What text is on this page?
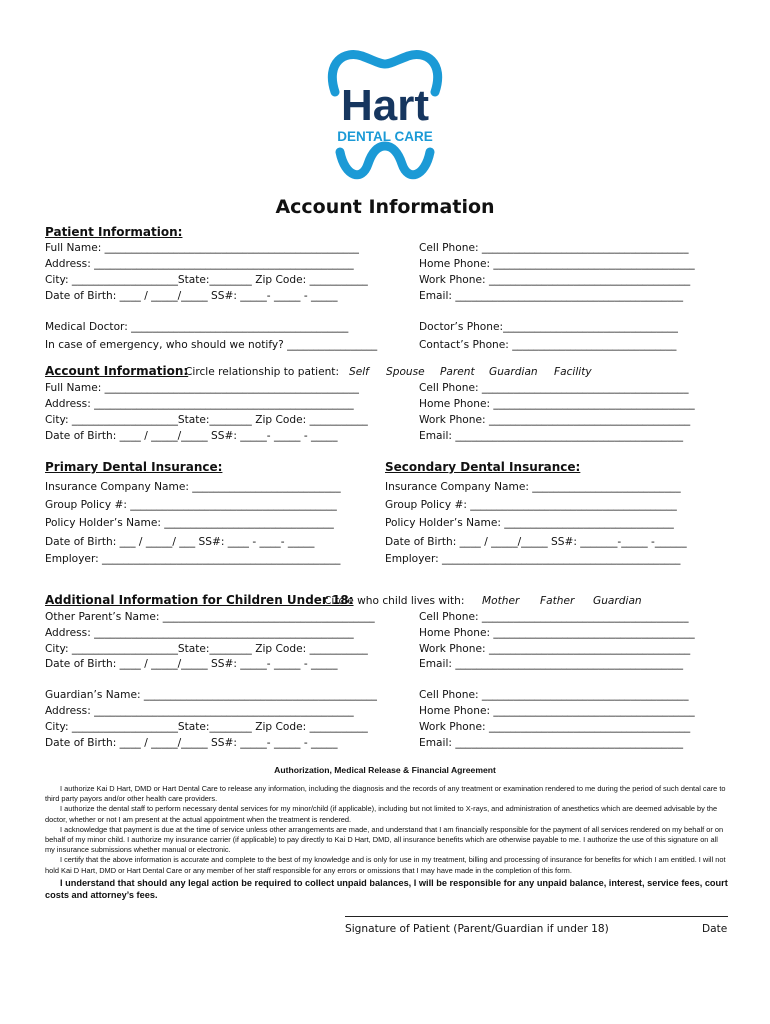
Hart
DENTAL CARE
Account Information
Patient Information:
Full Name: ________________________________________________
Address: _________________________________________________
City: ____________________State:________ Zip Code: ___________
Date of Birth: ____ / _____/_____ SS#: _____- _____ - _____
Cell Phone: _______________________________________
Home Phone: ______________________________________
Work Phone: ______________________________________
Email: ___________________________________________
Medical Doctor: _________________________________________
In case of emergency, who should we notify? _________________
Doctor’s Phone:_________________________________
Contact’s Phone: _______________________________
Account Information:
Circle relationship to patient: Self Spouse Parent Guardian Facility
Full Name: ________________________________________________
Address: _________________________________________________
City: ____________________State:________ Zip Code: ___________
Date of Birth: ____ / _____/_____ SS#: _____- _____ - _____
Cell Phone: _______________________________________
Home Phone: ______________________________________
Work Phone: ______________________________________
Email: ___________________________________________
Primary Dental Insurance:
Insurance Company Name: ____________________________
Group Policy #: _______________________________________
Policy Holder’s Name: ________________________________
Date of Birth: ___ / _____/ ___ SS#: ____ - ____- _____
Employer: _____________________________________________
Secondary Dental Insurance:
Insurance Company Name: ____________________________
Group Policy #: _______________________________________
Policy Holder’s Name: ________________________________
Date of Birth: ____ / _____/_____ SS#: _______-_____ -______
Employer: _____________________________________________
Additional Information for Children Under 18:
Circle who child lives with: Mother Father Guardian
Other Parent’s Name: ________________________________________
Address: _________________________________________________
City: ____________________State:________ Zip Code: ___________
Date of Birth: ____ / _____/_____ SS#: _____- _____ - _____
Cell Phone: _______________________________________
Home Phone: ______________________________________
Work Phone: ______________________________________
Email: ___________________________________________
Guardian’s Name: ____________________________________________
Address: _________________________________________________
City: ____________________State:________ Zip Code: ___________
Date of Birth: ____ / _____/_____ SS#: _____- _____ - _____
Cell Phone: _______________________________________
Home Phone: ______________________________________
Work Phone: ______________________________________
Email: ___________________________________________
Authorization, Medical Release & Financial Agreement

I authorize Kai D Hart, DMD or Hart Dental Care to release any information, including the diagnosis and the records of any treatment or examination rendered to me during the period of such dental care to third party payors and/or other health care providers.

I authorize the dental staff to perform necessary dental services for my minor/child (if applicable), including but not limited to X-rays, and administration of anesthetics which are deemed advisable by the doctor, whether or not I am present at the actual appointment when the treatment is rendered.

I acknowledge that payment is due at the time of service unless other arrangements are made, and understand that I am financially responsible for the payment of all services rendered on my behalf or on behalf of my minor child. I authorize my insurance carrier (if applicable) to pay directly to Kai D Hart, DMD, all insurance benefits which are otherwise payable to me. I authorize the use of this signature on all my insurance submissions whether manual or electronic.

I certify that the above information is accurate and complete to the best of my knowledge and is only for use in my treatment, billing and processing of insurance for benefits for which I am entitled. I will not hold Kai D Hart, DMD or Hart Dental Care or any member of her staff responsible for any errors or omissions that I may have made in the completion of this form.

I understand that should any legal action be required to collect unpaid balances, I will be responsible for any unpaid balance, interest, service fees, court costs and attorney’s fees.

Signature of Patient (Parent/Guardian if under 18)	Date
